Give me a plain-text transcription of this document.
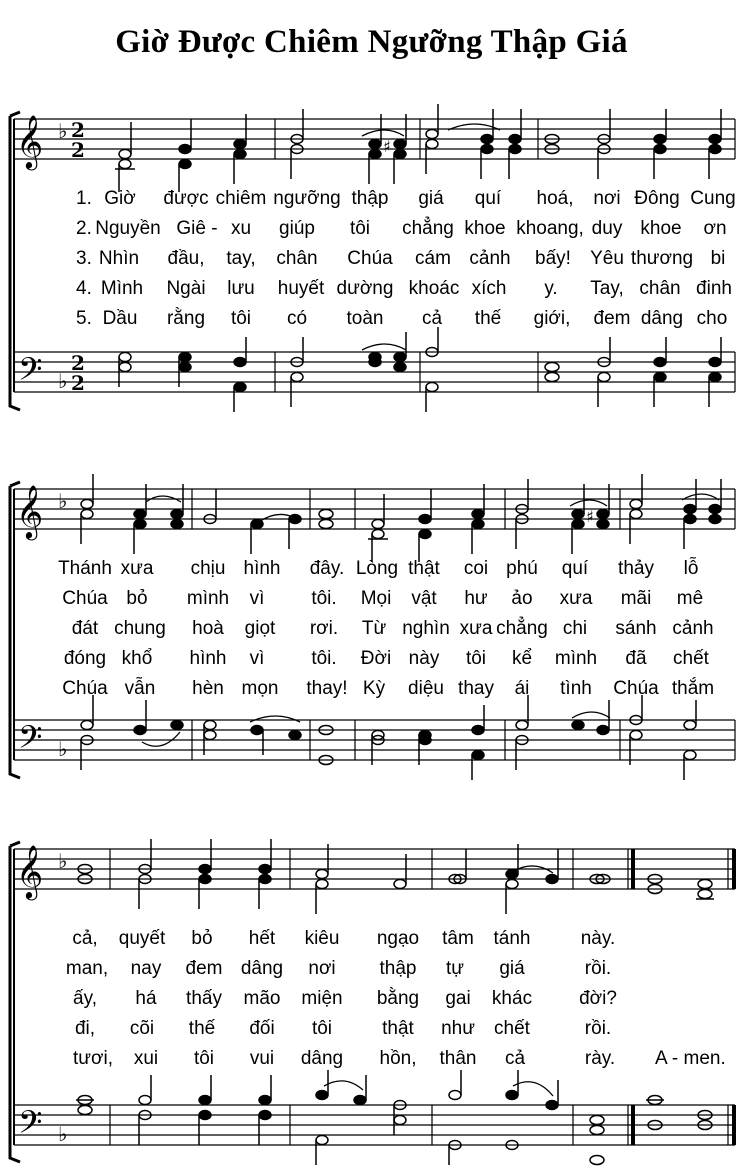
Giờ Được Chiêm Ngưỡng Thập Giá
𝄞
𝄢
♭
♭
2
2
2
2
♯
1. Giờ được chiêm ngưỡng thập giá quí hoá, nơi Đông Cung
2. Nguyền Giê - xu giúp tôi chẳng khoe khoang, duy khoe ơn
3. Nhìn đầu, tay, chân Chúa cám cảnh bấy! Yêu thương bi
4. Mình Ngài lưu huyết dường khoác xích y. Tay, chân đinh
5. Dầu rằng tôi có toàn cả thế giới, đem dâng cho
𝄞
𝄢
♭
♭
♯
Thánh xưa chịu hình đây. Lòng thật coi phú quí thảy lỗ
Chúa bỏ mình vì tôi. Mọi vật hư ảo xưa mãi mê
đát chung hoà giọt rơi. Từ nghìn xưa chẳng chi sánh cảnh
đóng khổ hình vì tôi. Đời này tôi kể mình đã chết
Chúa vẫn hèn mọn thay! Kỳ diệu thay ái tình Chúa thắm
𝄞
𝄢
♭
♭
cả, quyết bỏ hết kiêu ngạo tâm tánh	này.
man, nay đem dâng nơi thập tự giá	rồi.
ấy, há thấy mão miện bằng gai khác đời?
đi, cõi thế đối tôi	thật như chết	rồi.
tươi, xui tôi vui dâng hồn, thân cả	rày. A - men.
